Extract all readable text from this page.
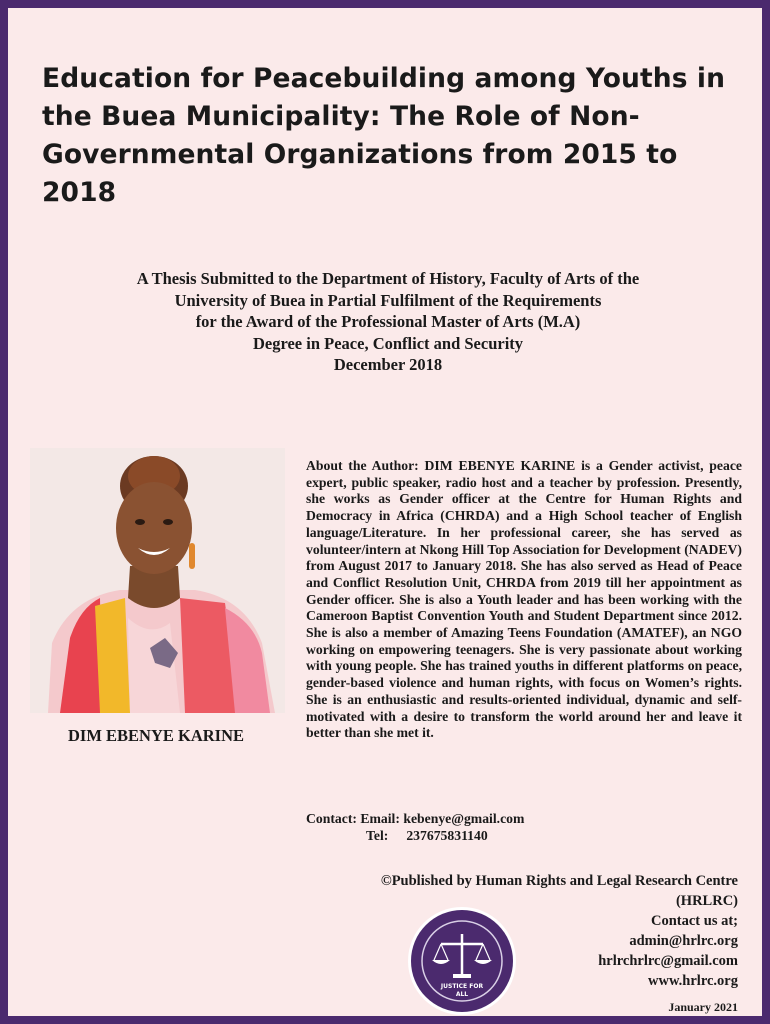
Education for Peacebuilding among Youths in the Buea Municipality: The Role of Non-Governmental Organizations from 2015 to 2018
A Thesis Submitted to the Department of History, Faculty of Arts of the
University of Buea in Partial Fulfilment of the Requirements
for the Award of the Professional Master of Arts (M.A)
Degree in Peace, Conflict and Security
December 2018
DIM EBENYE KARINE
About the Author: DIM EBENYE KARINE is a Gender activist, peace expert, public speaker, radio host and a teacher by profession. Presently, she works as Gender officer at the Centre for Human Rights and Democracy in Africa (CHRDA) and a High School teacher of English language/Literature. In her professional career, she has served as volunteer/intern at Nkong Hill Top Association for Development (NADEV) from August 2017 to January 2018. She has also served as Head of Peace and Conflict Resolution Unit, CHRDA from 2019 till her appointment as Gender officer. She is also a Youth leader and has been working with the Cameroon Baptist Convention Youth and Student Department since 2012. She is also a member of Amazing Teens Foundation (AMATEF), an NGO working on empowering teenagers. She is very passionate about working with young people. She has trained youths in different platforms on peace, gender-based violence and human rights, with focus on Women’s rights. She is an enthusiastic and results-oriented individual, dynamic and self-motivated with a desire to transform the world around her and leave it better than she met it.
Contact: Email: kebenye@gmail.com
Tel: 237675831140
©Published by Human Rights and Legal Research Centre
(HRLRC)
Contact us at;
admin@hrlrc.org
hrlrchrlrc@gmail.com
www.hrlrc.org
JUSTICE FOR
ALL
January 2021
